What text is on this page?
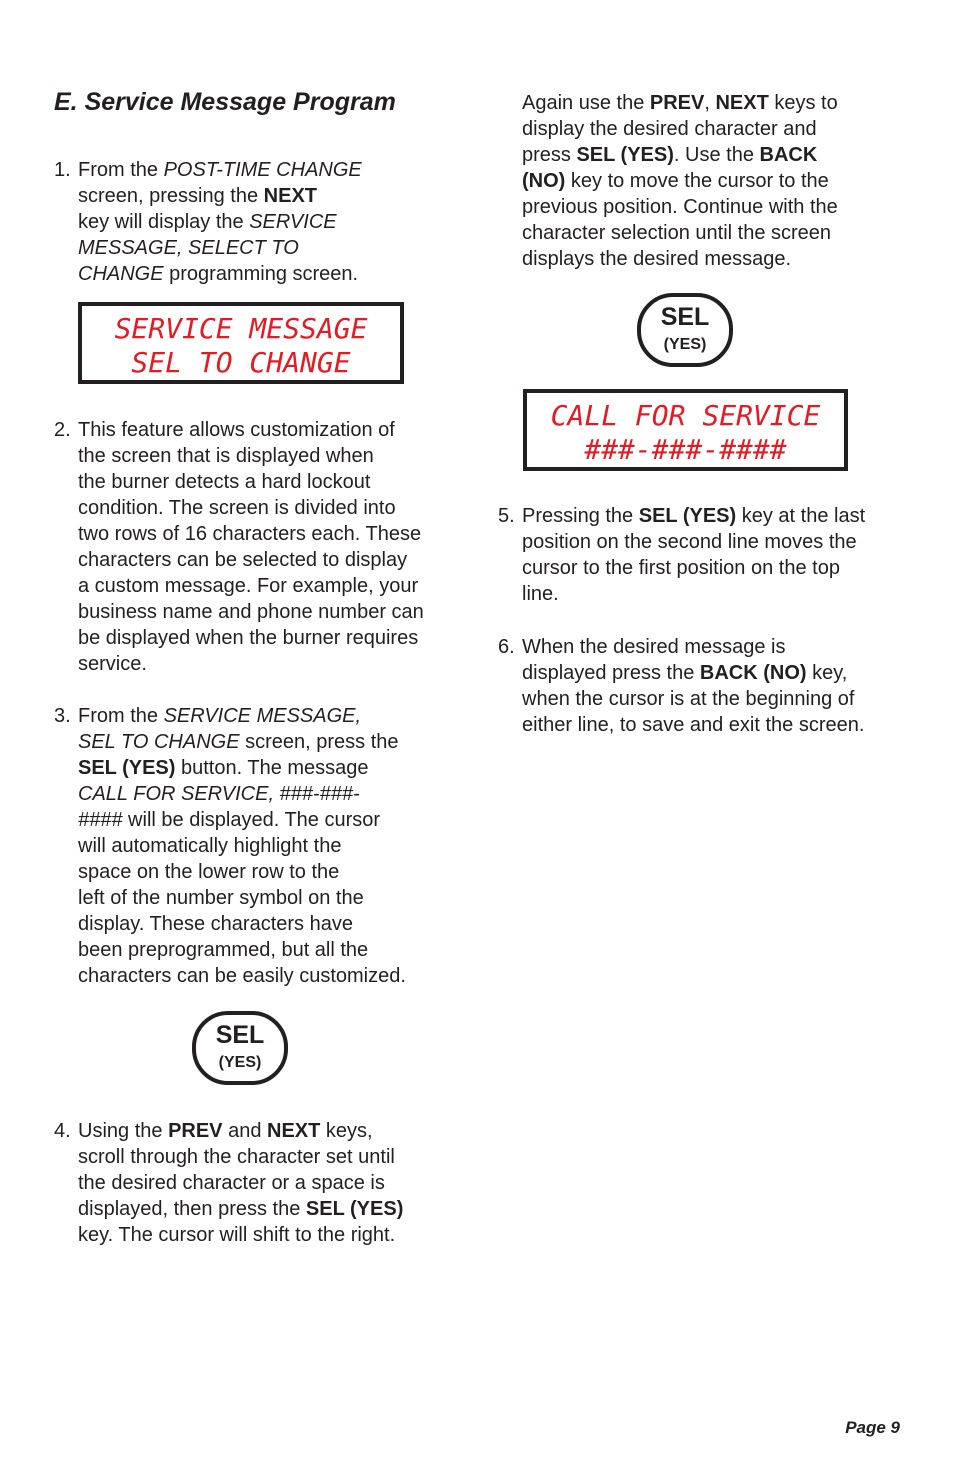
E. Service Message Program
1. From the POST-TIME CHANGE
screen, pressing the NEXT
key will display the SERVICE
MESSAGE, SELECT TO
CHANGE programming screen.
SERVICE MESSAGE
SEL TO CHANGE
2. This feature allows customization of
the screen that is displayed when
the burner detects a hard lockout
condition. The screen is divided into
two rows of 16 characters each. These
characters can be selected to display
a custom message. For example, your
business name and phone number can
be displayed when the burner requires
service.
3. From the SERVICE MESSAGE,
SEL TO CHANGE screen, press the
SEL (YES) button. The message
CALL FOR SERVICE, ###-###-
#### will be displayed. The cursor
will automatically highlight the
space on the lower row to the
left of the number symbol on the
display. These characters have
been preprogrammed, but all the
characters can be easily customized.
SEL
(YES)
4. Using the PREV and NEXT keys,
scroll through the character set until
the desired character or a space is
displayed, then press the SEL (YES)
key. The cursor will shift to the right.
Again use the PREV, NEXT keys to
display the desired character and
press SEL (YES). Use the BACK
(NO) key to move the cursor to the
previous position. Continue with the
character selection until the screen
displays the desired message.
SEL
(YES)
CALL FOR SERVICE
###-###-####
5. Pressing the SEL (YES) key at the last
position on the second line moves the
cursor to the first position on the top
line.
6. When the desired message is
displayed press the BACK (NO) key,
when the cursor is at the beginning of
either line, to save and exit the screen.
Page 9
